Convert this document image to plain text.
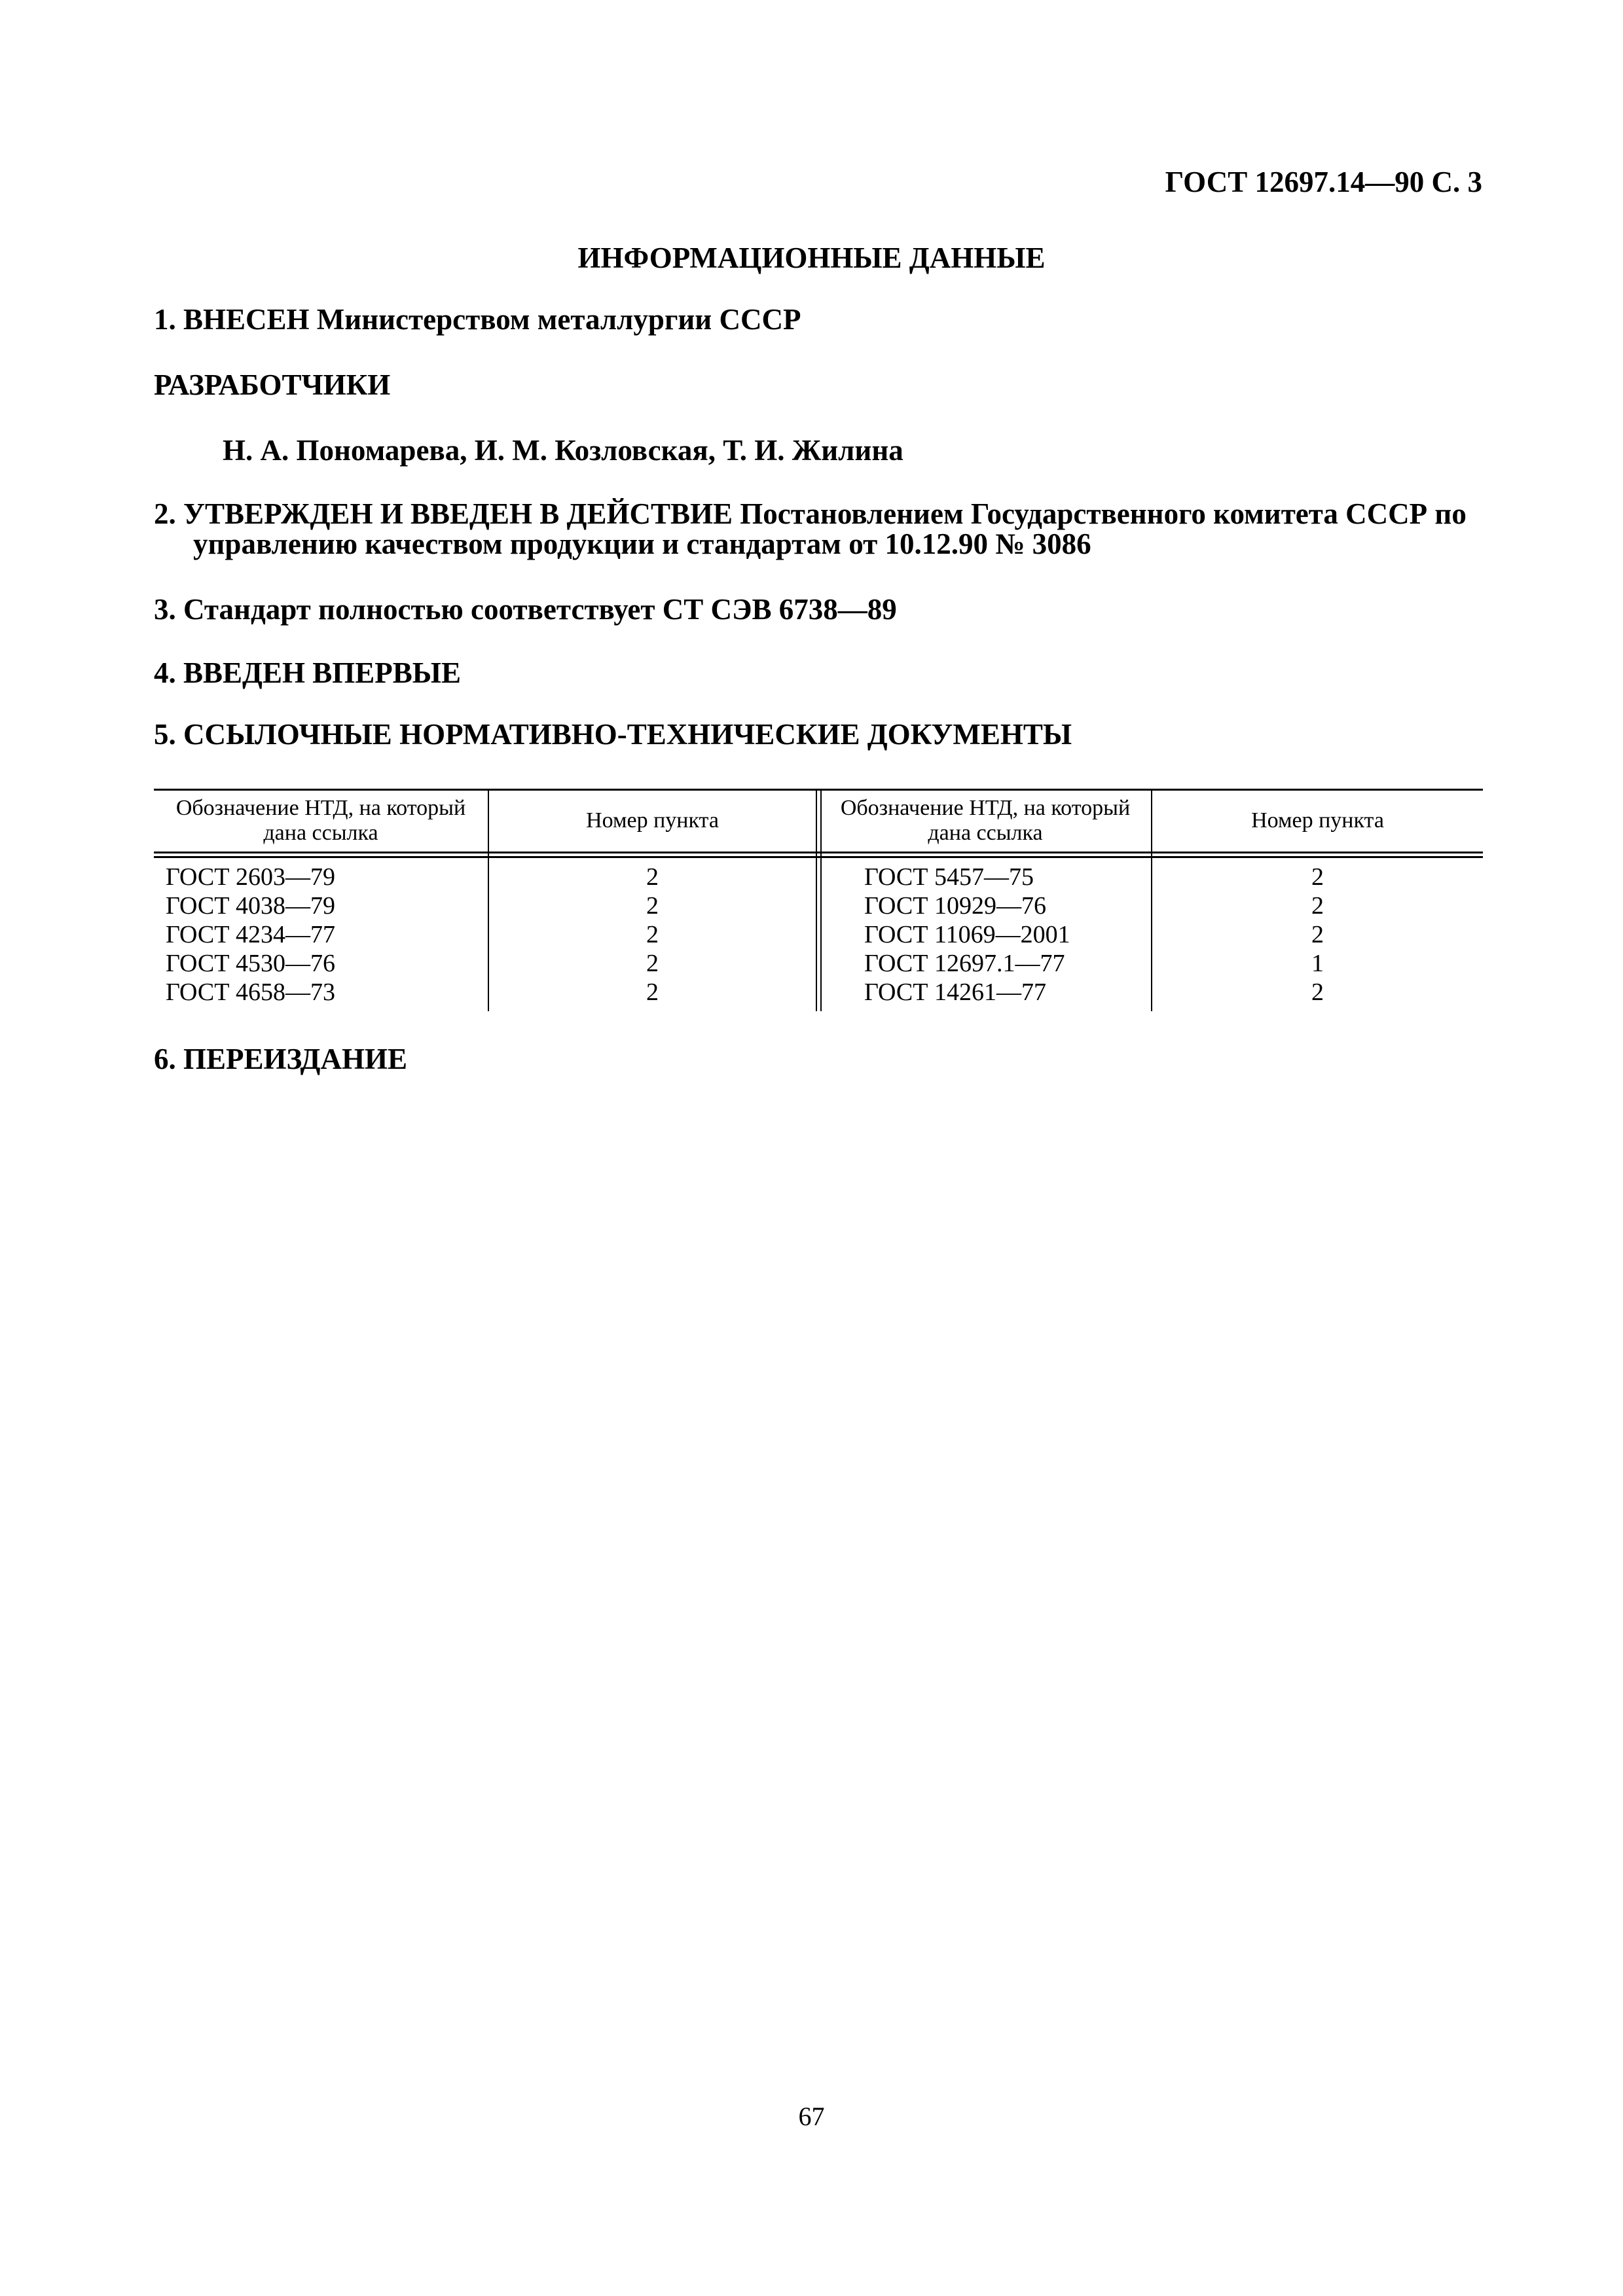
ГОСТ 12697.14—90 С. 3
ИНФОРМАЦИОННЫЕ ДАННЫЕ
1. ВНЕСЕН Министерством металлургии СССР
РАЗРАБОТЧИКИ
Н. А. Пономарева, И. М. Козловская, Т. И. Жилина
2. УТВЕРЖДЕН И ВВЕДЕН В ДЕЙСТВИЕ Постановлением Государственного комитета СССР по
управлению качеством продукции и стандартам от 10.12.90 № 3086
3. Стандарт полностью соответствует СТ СЭВ 6738—89
4. ВВЕДЕН ВПЕРВЫЕ
5. ССЫЛОЧНЫЕ НОРМАТИВНО-ТЕХНИЧЕСКИЕ ДОКУМЕНТЫ
Обозначение НТД, на который дана ссылка
Номер пункта
Обозначение НТД, на который дана ссылка
Номер пункта
ГОСТ 2603—79
ГОСТ 4038—79
ГОСТ 4234—77
ГОСТ 4530—76
ГОСТ 4658—73
2
2
2
2
2
ГОСТ 5457—75
ГОСТ 10929—76
ГОСТ 11069—2001
ГОСТ 12697.1—77
ГОСТ 14261—77
2
2
2
1
2
6. ПЕРЕИЗДАНИЕ
67
